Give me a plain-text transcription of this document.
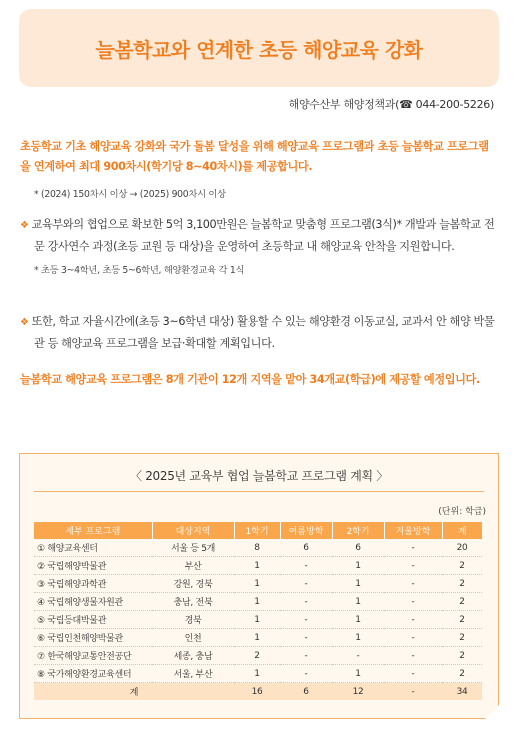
늘봄학교와 연계한 초등 해양교육 강화
해양수산부 해양정책과(☎ 044-200-5226)
초등학교 기초 해양교육 강화와 국가 돌봄 달성을 위해 해양교육 프로그램과 초등 늘봄학교 프로그램을 연계하여 최대 900차시(학기당 8~40차시)를 제공합니다.
* (2024) 150차시 이상 → (2025) 900차시 이상
❖ 교육부와의 협업으로 확보한 5억 3,100만원은 늘봄학교 맞춤형 프로그램(3식)* 개발과 늘봄학교 전문 강사연수 과정(초등 교원 등 대상)을 운영하여 초등학교 내 해양교육 안착을 지원합니다.
* 초등 3~4학년, 초등 5~6학년, 해양환경교육 각 1식
❖ 또한, 학교 자율시간에(초등 3~6학년 대상) 활용할 수 있는 해양환경 이동교실, 교과서 안 해양 박물관 등 해양교육 프로그램을 보급·확대할 계획입니다.
늘봄학교 해양교육 프로그램은 8개 기관이 12개 지역을 맡아 34개교(학급)에 제공할 예정입니다.
〈 2025년 교육부 협업 늘봄학교 프로그램 계획 〉
(단위: 학급)
세부 프로그램	대상지역	1학기	여름방학	2학기	겨울방학	계
① 해양교육센터	서울 등 5개	8	6	6	-	20
② 국립해양박물관	부산	1	-	1	-	2
③ 국립해양과학관	강원, 경북	1	-	1	-	2
④ 국립해양생물자원관	충남, 전북	1	-	1	-	2
⑤ 국립등대박물관	경북	1	-	1	-	2
⑥ 국립인천해양박물관	인천	1	-	1	-	2
⑦ 한국해양교통안전공단	세종, 충남	2	-	-	-	2
⑧ 국가해양환경교육센터	서울, 부산	1	-	1	-	2
계		16	6	12	-	34
